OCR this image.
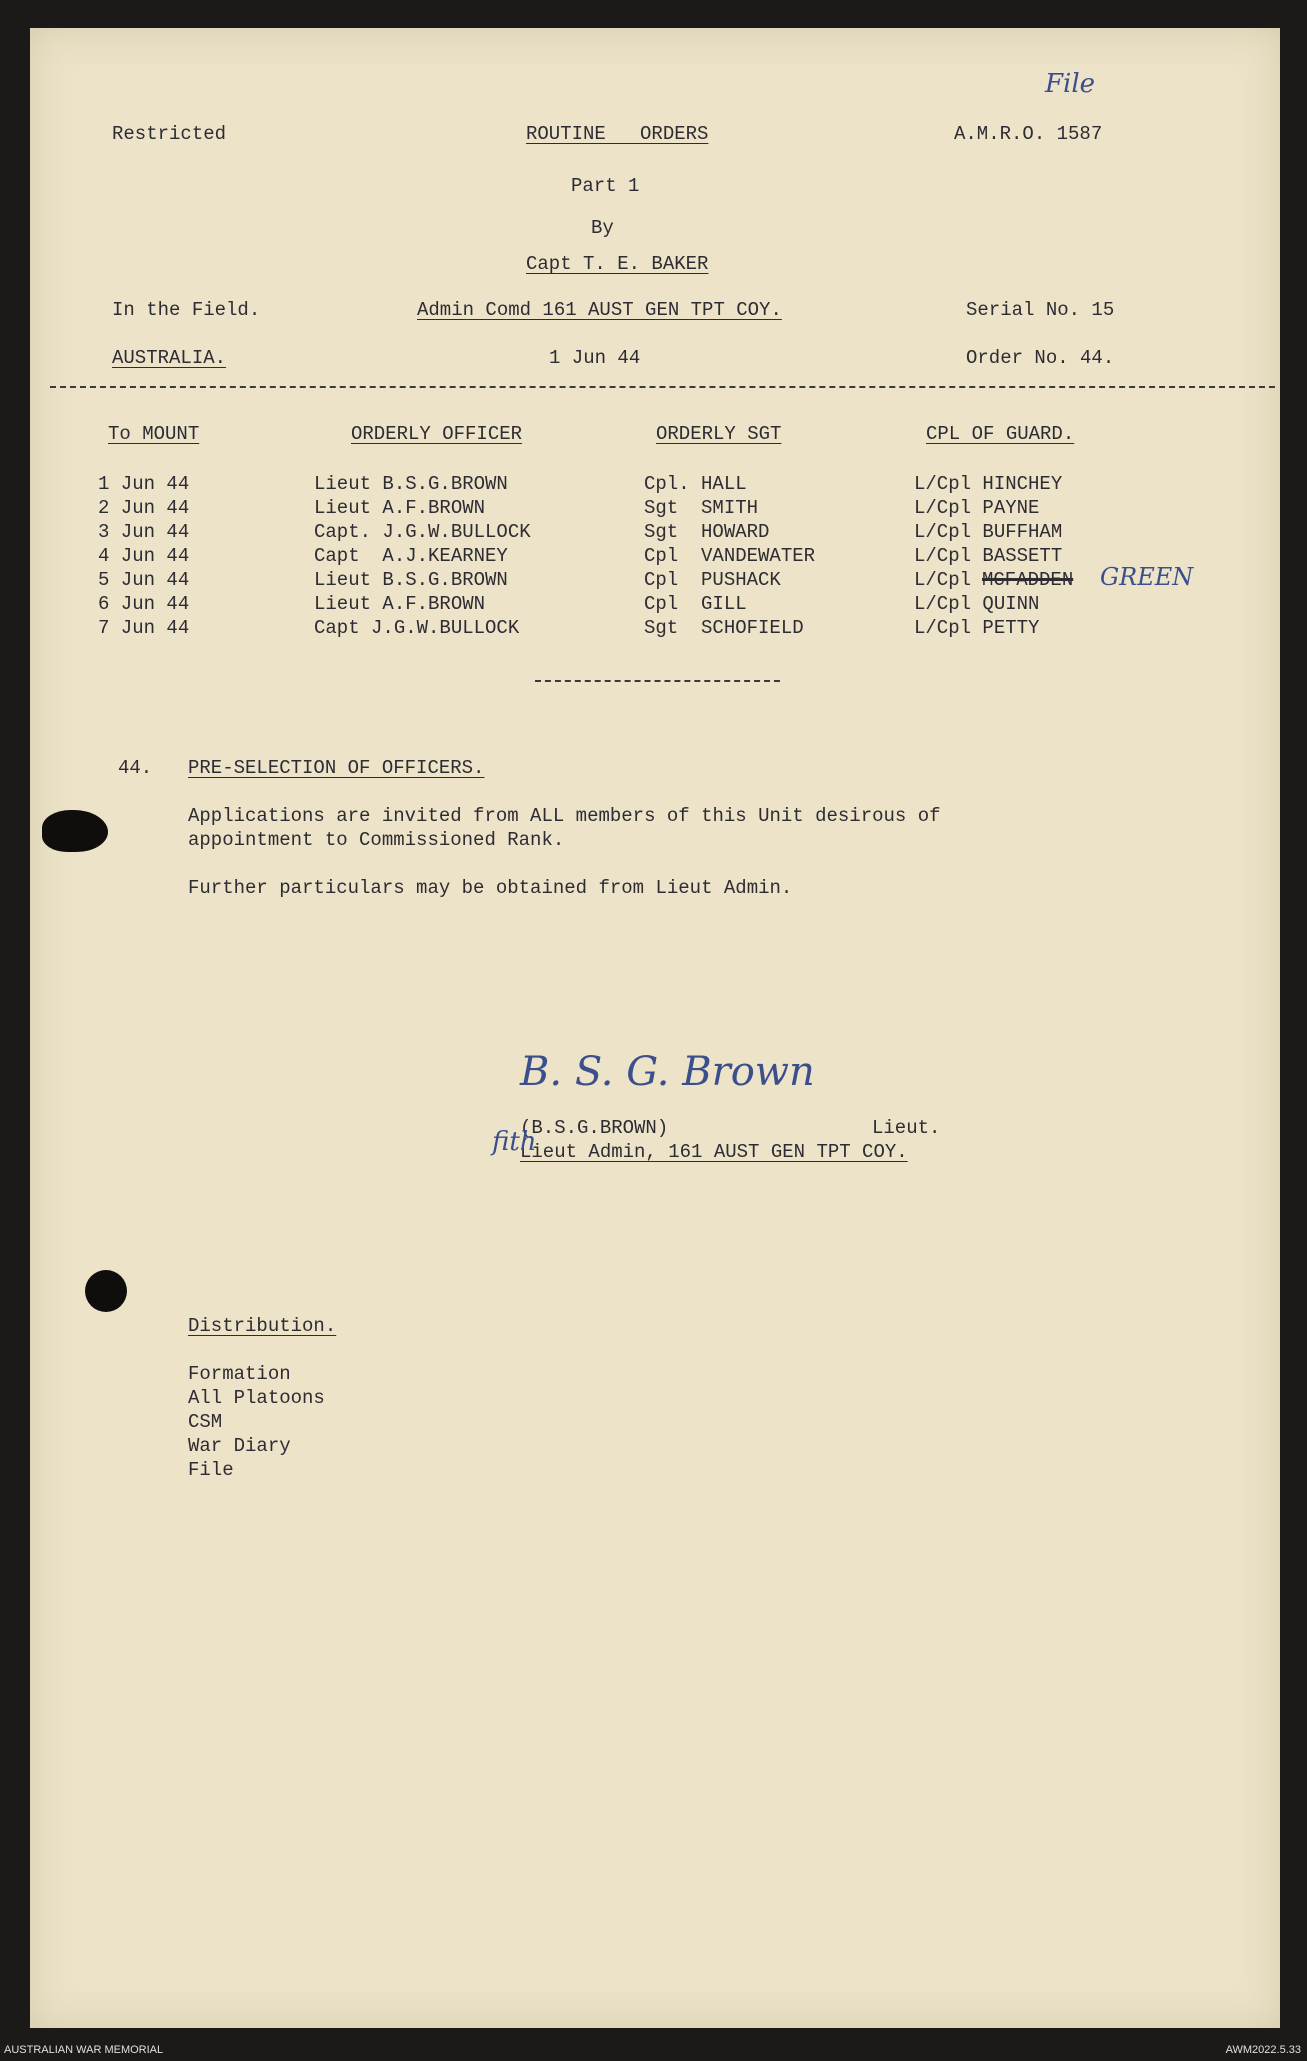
File
Restricted	ROUTINE   ORDERS	A.M.R.O. 1587
Part 1
By
Capt T. E. BAKER
In the Field.	Admin Comd 161 AUST GEN TPT COY.	Serial No. 15
AUSTRALIA.	1 Jun 44	Order No. 44.
To MOUNT	ORDERLY OFFICER	ORDERLY SGT	CPL OF GUARD.
1 Jun 44	Lieut B.S.G.BROWN	Cpl. HALL	L/Cpl HINCHEY
2 Jun 44	Lieut A.F.BROWN	Sgt  SMITH	L/Cpl PAYNE
3 Jun 44	Capt. J.G.W.BULLOCK	Sgt  HOWARD	L/Cpl BUFFHAM
4 Jun 44	Capt  A.J.KEARNEY	Cpl  VANDEWATER	L/Cpl BASSETT
5 Jun 44	Lieut B.S.G.BROWN	Cpl  PUSHACK	L/Cpl MCFADDEN GREEN
6 Jun 44	Lieut A.F.BROWN	Cpl  GILL	L/Cpl QUINN
7 Jun 44	Capt J.G.W.BULLOCK	Sgt  SCHOFIELD	L/Cpl PETTY
44. PRE-SELECTION OF OFFICERS.
Applications are invited from ALL members of this Unit desirous of
appointment to Commissioned Rank.
Further particulars may be obtained from Lieut Admin.
B. S. G. Brown
(B.S.G.BROWN)	Lieut.
Lieut Admin, 161 AUST GEN TPT COY.
fith
Distribution.
Formation
All Platoons
CSM
War Diary
File
AUSTRALIAN WAR MEMORIAL	AWM2022.5.33
